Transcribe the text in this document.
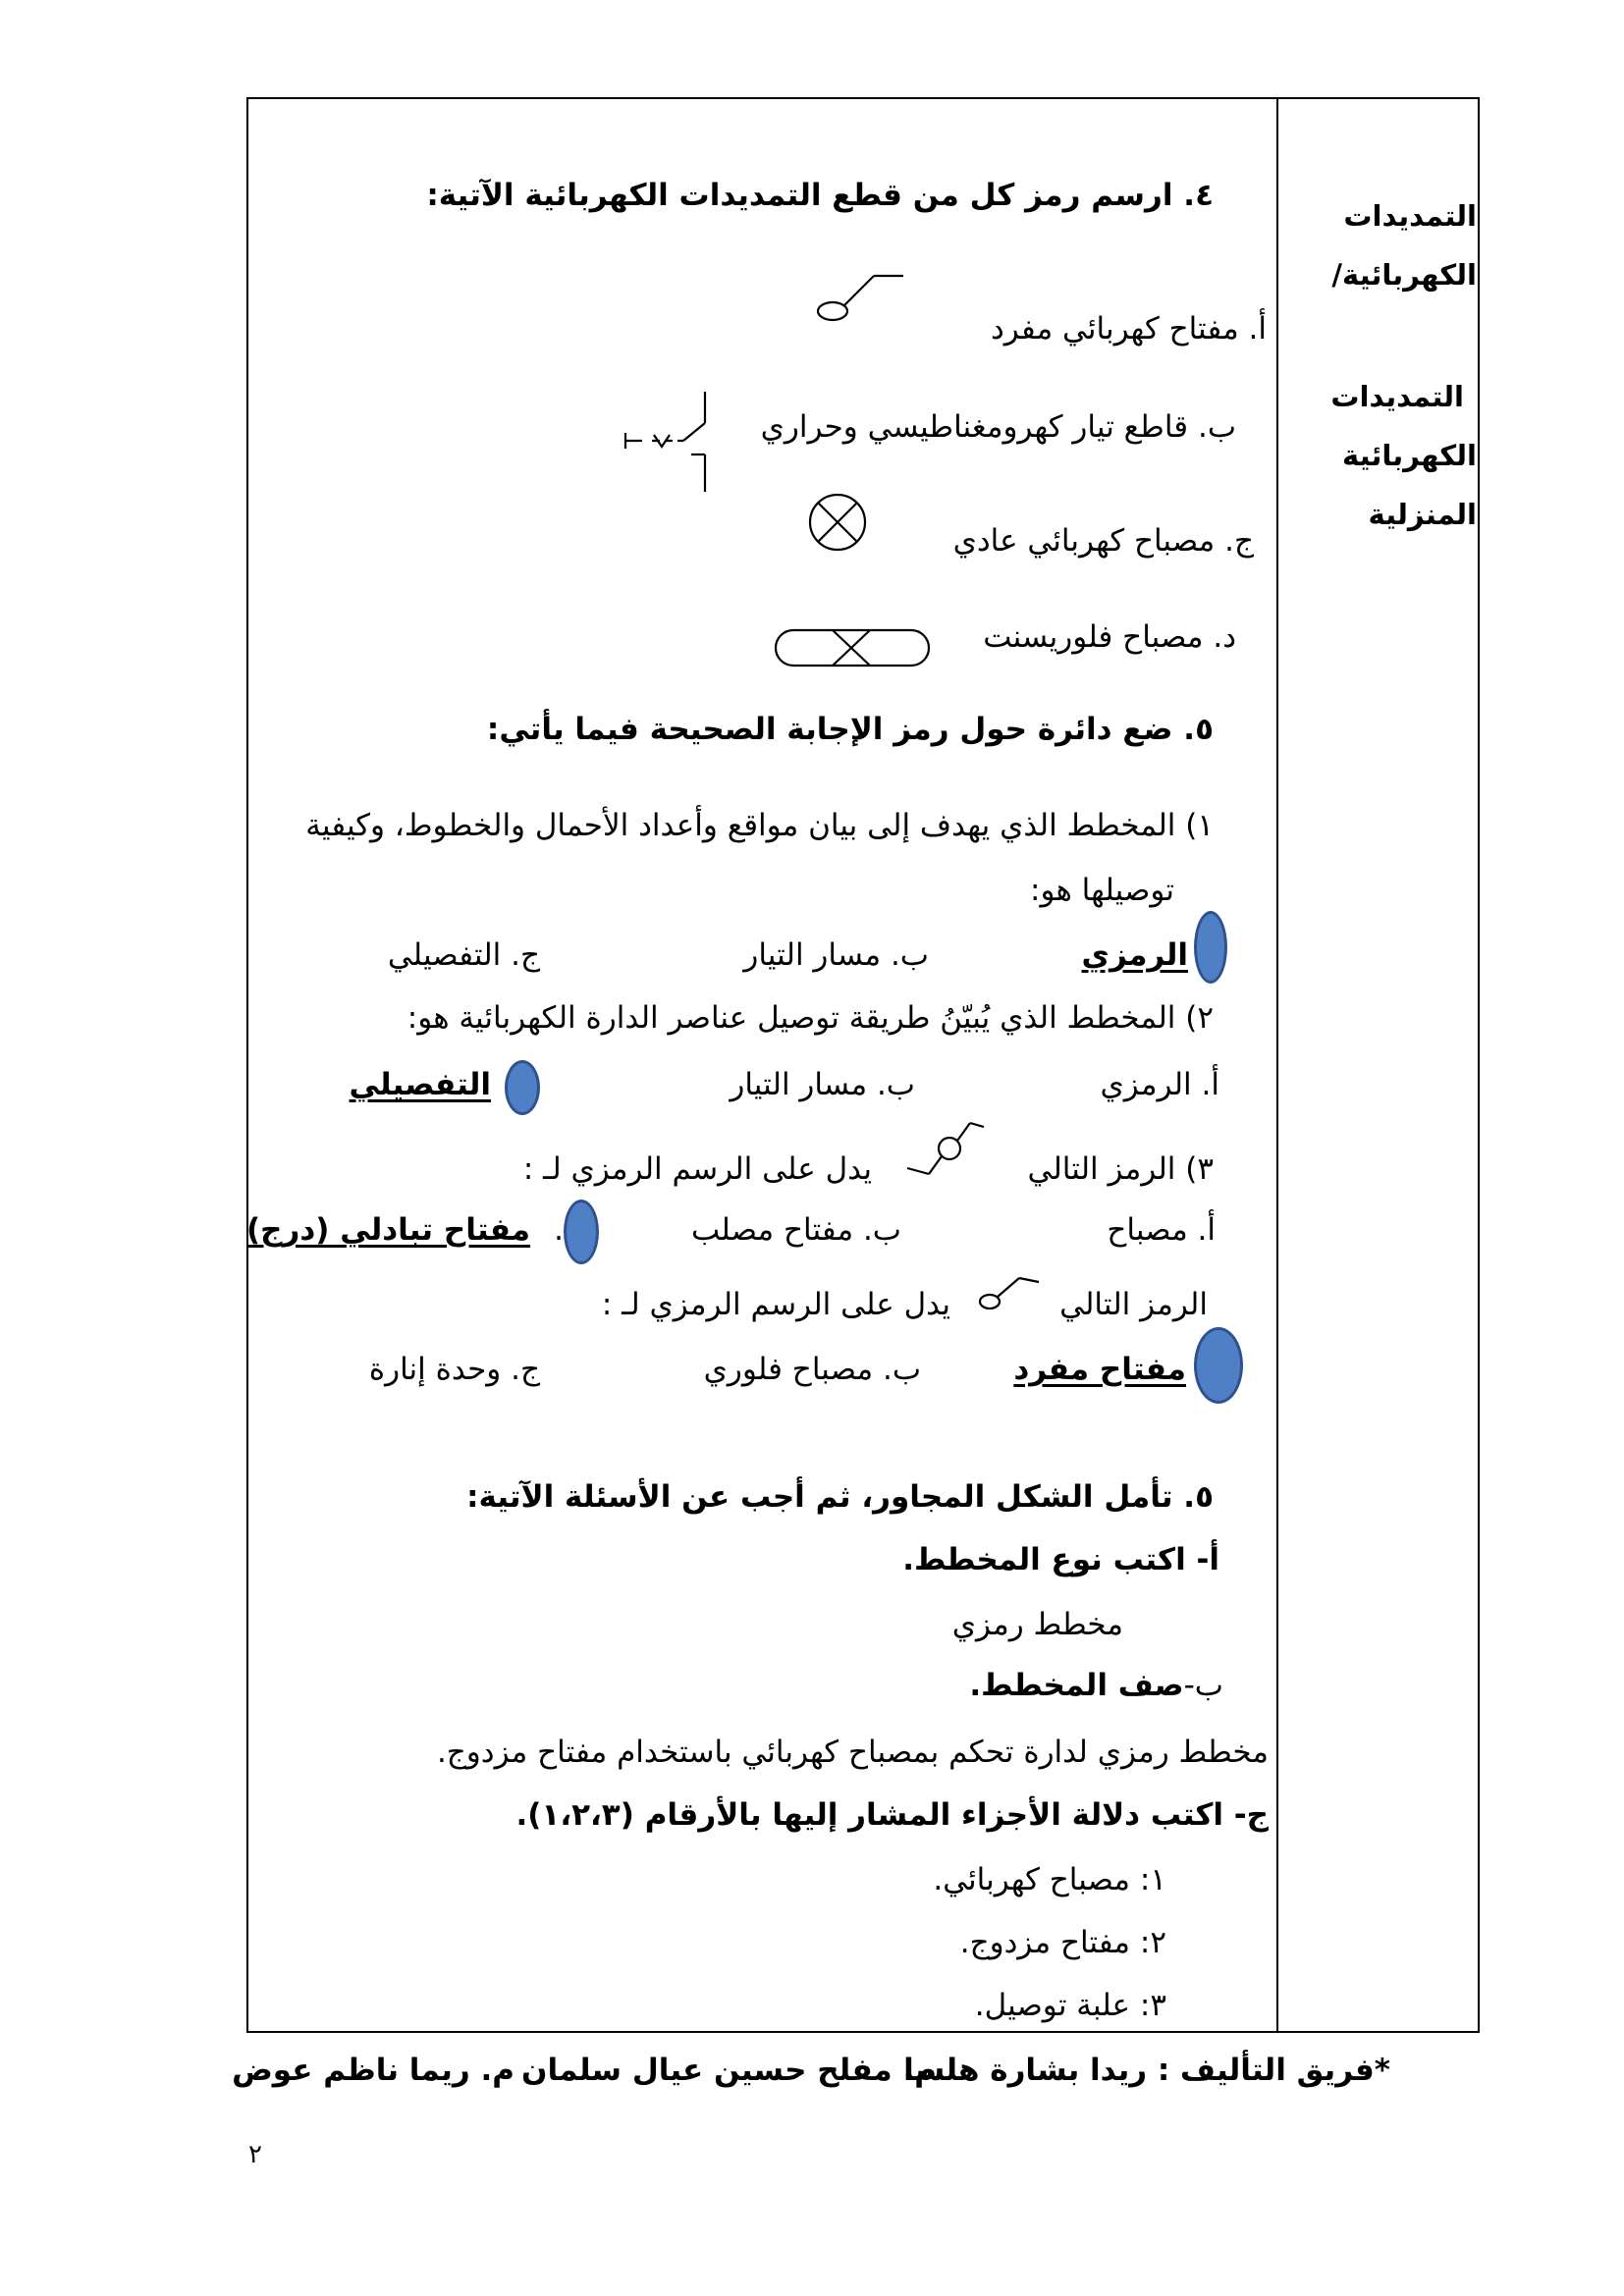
التمديدات
الكهربائية/
التمديدات
الكهربائية
المنزلية
٤. ارسم رمز كل من قطع التمديدات الكهربائية الآتية:
أ. مفتاح كهربائي مفرد
ب. قاطع تيار كهرومغناطيسي وحراري
ج. مصباح كهربائي عادي
د. مصباح فلوريسنت
٥. ضع دائرة حول رمز الإجابة الصحيحة فيما يأتي:
١) المخطط الذي يهدف إلى بيان مواقع وأعداد الأحمال والخطوط، وكيفية
توصيلها هو:
الرمزي
ب. مسار التيار
ج. التفصيلي
٢) المخطط الذي يُبيّنُ طريقة توصيل عناصر الدارة الكهربائية هو:
أ. الرمزي
ب. مسار التيار
التفصيلي
٣) الرمز التالي
يدل على الرسم الرمزي لـ :
أ. مصباح
ب. مفتاح مصلب
.
مفتاح تبادلي (درج)
الرمز التالي
يدل على الرسم الرمزي لـ :
مفتاح مفرد
ب. مصباح فلوري
ج. وحدة إنارة
٥. تأمل الشكل المجاور، ثم أجب عن الأسئلة الآتية:
أ- اكتب نوع المخطط.
مخطط رمزي
ب-صف المخطط.
مخطط رمزي لدارة تحكم بمصباح كهربائي باستخدام مفتاح مزدوج.
ج- اكتب دلالة الأجزاء المشار إليها بالأرقام (١،٢،٣).
١: مصباح كهربائي.
٢: مفتاح مزدوج.
٣: علبة توصيل.
*فريق التأليف : ريدا بشارة هلسا
م. مفلح حسين عيال سلمان
م. ريما ناظم عوض
٢
